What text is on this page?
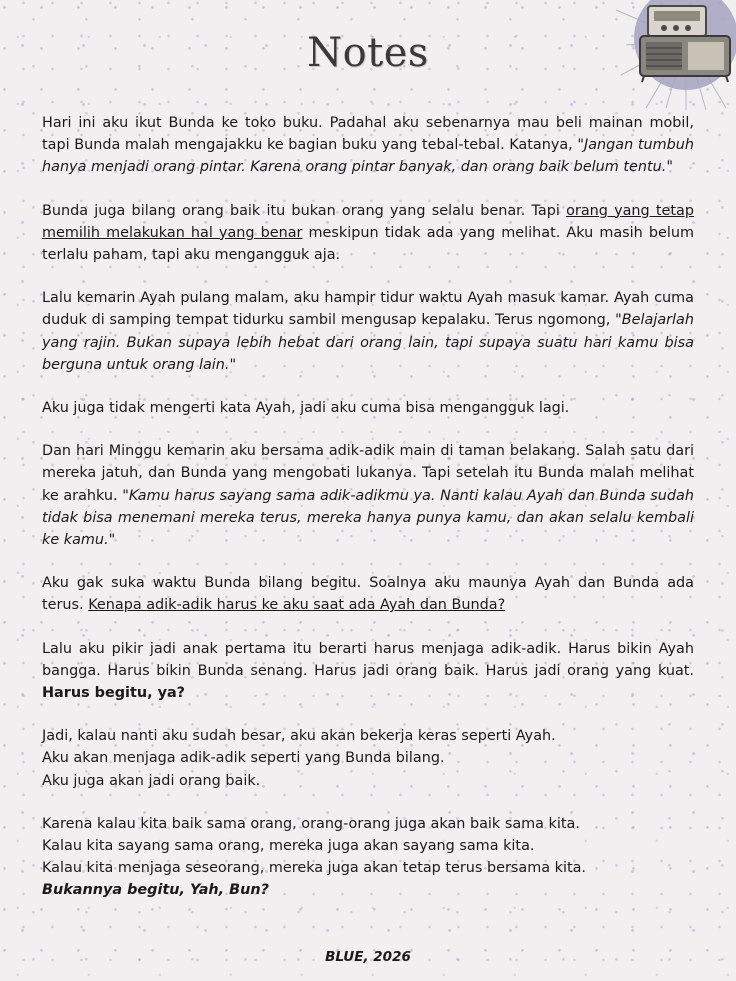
Notes

Hari ini aku ikut Bunda ke toko buku. Padahal aku sebenarnya mau beli mainan mobil, tapi Bunda malah mengajakku ke bagian buku yang tebal-tebal. Katanya, "Jangan tumbuh hanya menjadi orang pintar. Karena orang pintar banyak, dan orang baik belum tentu."

Bunda juga bilang orang baik itu bukan orang yang selalu benar. Tapi orang yang tetap memilih melakukan hal yang benar meskipun tidak ada yang melihat. Aku masih belum terlalu paham, tapi aku mengangguk aja.

Lalu kemarin Ayah pulang malam, aku hampir tidur waktu Ayah masuk kamar. Ayah cuma duduk di samping tempat tidurku sambil mengusap kepalaku. Terus ngomong, "Belajarlah yang rajin. Bukan supaya lebih hebat dari orang lain, tapi supaya suatu hari kamu bisa berguna untuk orang lain."

Aku juga tidak mengerti kata Ayah, jadi aku cuma bisa mengangguk lagi.

Dan hari Minggu kemarin aku bersama adik-adik main di taman belakang. Salah satu dari mereka jatuh, dan Bunda yang mengobati lukanya. Tapi setelah itu Bunda malah melihat ke arahku. "Kamu harus sayang sama adik-adikmu ya. Nanti kalau Ayah dan Bunda sudah tidak bisa menemani mereka terus, mereka hanya punya kamu, dan akan selalu kembali ke kamu."

Aku gak suka waktu Bunda bilang begitu. Soalnya aku maunya Ayah dan Bunda ada terus. Kenapa adik-adik harus ke aku saat ada Ayah dan Bunda?

Lalu aku pikir jadi anak pertama itu berarti harus menjaga adik-adik. Harus bikin Ayah bangga. Harus bikin Bunda senang. Harus jadi orang baik. Harus jadi orang yang kuat. Harus begitu, ya?

Jadi, kalau nanti aku sudah besar, aku akan bekerja keras seperti Ayah.
Aku akan menjaga adik-adik seperti yang Bunda bilang.
Aku juga akan jadi orang baik.

Karena kalau kita baik sama orang, orang-orang juga akan baik sama kita.
Kalau kita sayang sama orang, mereka juga akan sayang sama kita.
Kalau kita menjaga seseorang, mereka juga akan tetap terus bersama kita.
Bukannya begitu, Yah, Bun?

BLUE, 2026
